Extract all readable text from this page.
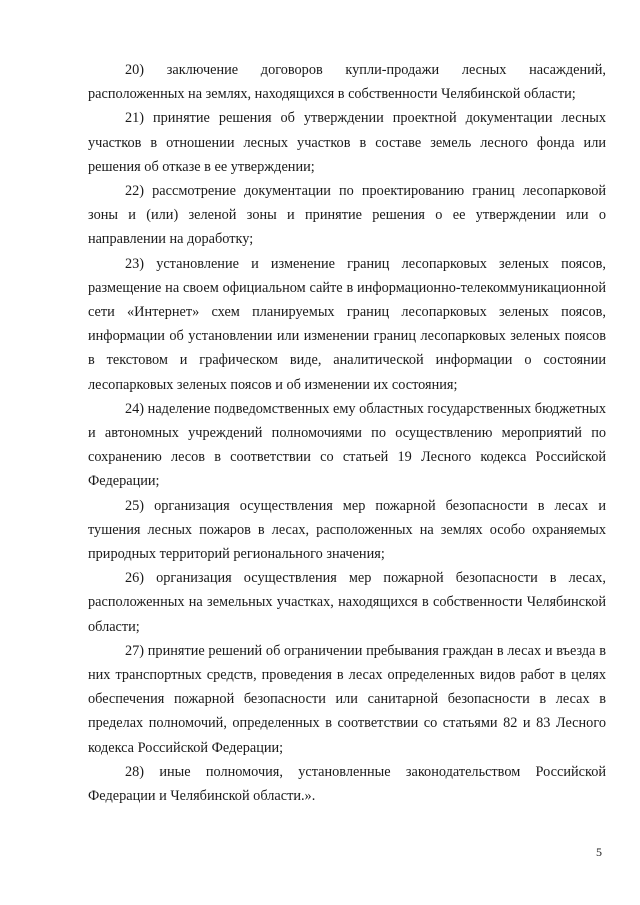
20) заключение договоров купли-продажи лесных насаждений, расположенных на землях, находящихся в собственности Челябинской области;

21) принятие решения об утверждении проектной документации лесных участков в отношении лесных участков в составе земель лесного фонда или решения об отказе в ее утверждении;

22) рассмотрение документации по проектированию границ лесопарковой зоны и (или) зеленой зоны и принятие решения о ее утверждении или о направлении на доработку;

23) установление и изменение границ лесопарковых зеленых поясов, размещение на своем официальном сайте в информационно-телекоммуникационной сети «Интернет» схем планируемых границ лесопарковых зеленых поясов, информации об установлении или изменении границ лесопарковых зеленых поясов в текстовом и графическом виде, аналитической информации о состоянии лесопарковых зеленых поясов и об изменении их состояния;

24) наделение подведомственных ему областных государственных бюджетных и автономных учреждений полномочиями по осуществлению мероприятий по сохранению лесов в соответствии со статьей 19 Лесного кодекса Российской Федерации;

25) организация осуществления мер пожарной безопасности в лесах и тушения лесных пожаров в лесах, расположенных на землях особо охраняемых природных территорий регионального значения;

26) организация осуществления мер пожарной безопасности в лесах, расположенных на земельных участках, находящихся в собственности Челябинской области;

27) принятие решений об ограничении пребывания граждан в лесах и въезда в них транспортных средств, проведения в лесах определенных видов работ в целях обеспечения пожарной безопасности или санитарной безопасности в лесах в пределах полномочий, определенных в соответствии со статьями 82 и 83 Лесного кодекса Российской Федерации;

28) иные полномочия, установленные законодательством Российской Федерации и Челябинской области.».

5
